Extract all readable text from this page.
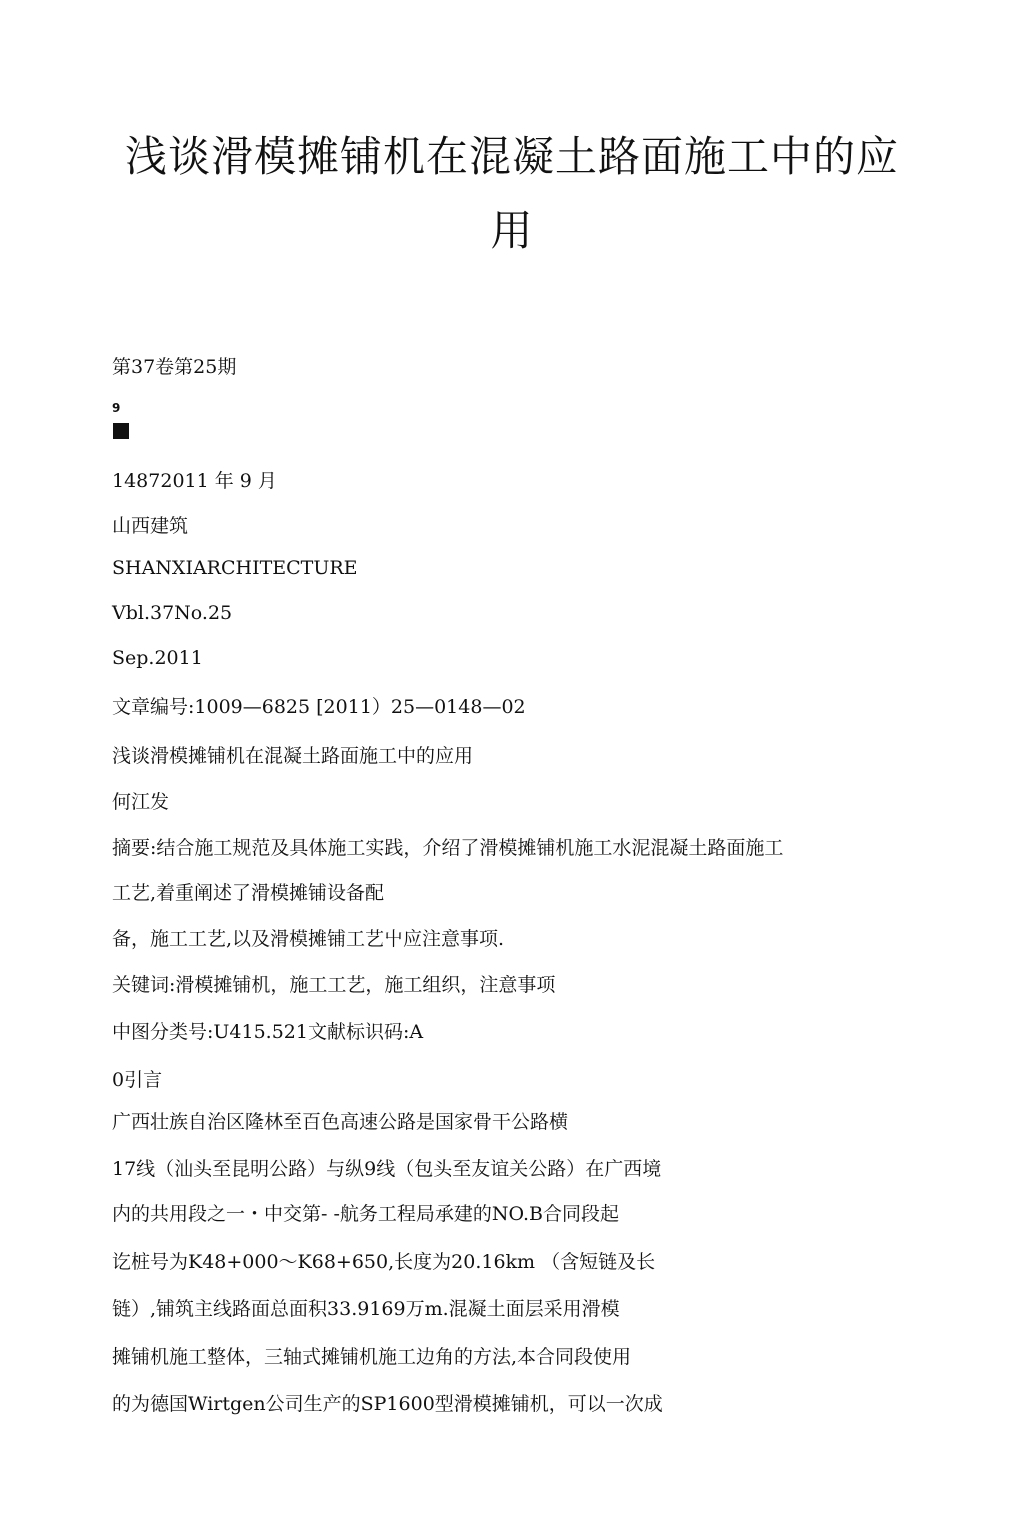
浅谈滑模摊铺机在混凝土路面施工中的应用

第37卷第25期

9

14872011 年 9 月

山西建筑

SHANXIARCHITECTURE

Vbl.37No.25

Sep.2011

文章编号:1009—6825 [2011）25—0148—02

浅谈滑模摊铺机在混凝土路面施工中的应用

何江发

摘要:结合施工规范及具体施工实践，介绍了滑模摊铺机施工水泥混凝土路面施工

工艺,着重阐述了滑模摊铺设备配

备，施工工艺,以及滑模摊铺工艺屮应注意事项.

关键词:滑模摊铺机，施工工艺，施工组织，注意事项

中图分类号:U415.521文献标识码:A

0引言

广西壮族自治区隆林至百色高速公路是国家骨干公路横

17线（汕头至昆明公路）与纵9线（包头至友谊关公路）在广西境

内的共用段之一・中交第- -航务工程局承建的NO.B合同段起

讫桩号为K48+000～K68+650,长度为20.16km （含短链及长

链）,铺筑主线路面总面积33.9169万m.混凝土面层采用滑模

摊铺机施工整体，三轴式摊铺机施工边角的方法,本合同段使用

的为德国Wirtgen公司生产的SP1600型滑模摊铺机，可以一次成
